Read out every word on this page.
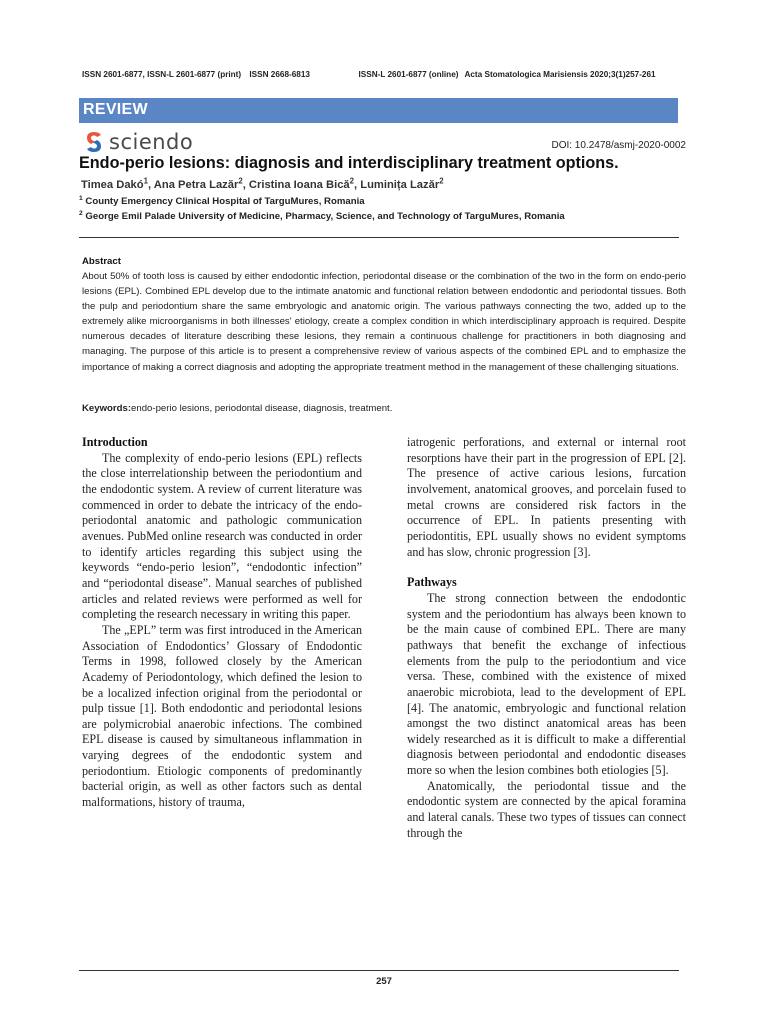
ISSN 2601-6877, ISSN-L 2601-6877 (print) ISSN 2668-6813	ISSN-L 2601-6877 (online) Acta Stomatologica Marisiensis 2020;3(1)257-261
REVIEW
sciendo	DOI: 10.2478/asmj-2020-0002
Endo-perio lesions: diagnosis and interdisciplinary treatment options.
Timea Dakó$^1$, Ana Petra Lazăr$^2$, Cristina Ioana Bică$^2$, Luminița Lazăr$^2$
$^1$ County Emergency Clinical Hospital of TarguMures, Romania
$^2$ George Emil Palade University of Medicine, Pharmacy, Science, and Technology of TarguMures, Romania
Abstract
About 50% of tooth loss is caused by either endodontic infection, periodontal disease or the combination of the two in the form on endo-perio lesions (EPL). Combined EPL develop due to the intimate anatomic and functional relation between endodontic and periodontal tissues. Both the pulp and periodontium share the same embryologic and anatomic origin. The various pathways connecting the two, added up to the extremely alike microorganisms in both illnesses' etiology, create a complex condition in which interdisciplinary approach is required. Despite numerous decades of literature describing these lesions, they remain a continuous challenge for practitioners in both diagnosing and managing. The purpose of this article is to present a comprehensive review of various aspects of the combined EPL and to emphasize the importance of making a correct diagnosis and adopting the appropriate treatment method in the management of these challenging situations.
Keywords:endo-perio lesions, periodontal disease, diagnosis, treatment.
Introduction

The complexity of endo-perio lesions (EPL) reflects the close interrelationship between the periodontium and the endodontic system. A review of current literature was commenced in order to debate the intricacy of the endo-periodontal anatomic and pathologic communication avenues. PubMed online research was conducted in order to identify articles regarding this subject using the keywords “endo-perio lesion”, “endodontic infection” and “periodontal disease”. Manual searches of published articles and related reviews were performed as well for completing the research necessary in writing this paper.

The „EPL” term was first introduced in the American Association of Endodontics’ Glossary of Endodontic Terms in 1998, followed closely by the American Academy of Periodontology, which defined the lesion to be a localized infection original from the periodontal or pulp tissue [1]. Both endodontic and periodontal lesions are polymicrobial anaerobic infections. The combined EPL disease is caused by simultaneous inflammation in varying degrees of the endodontic system and periodontium. Etiologic components of predominantly bacterial origin, as well as other factors such as dental malformations, history of trauma,

iatrogenic perforations, and external or internal root resorptions have their part in the progression of EPL [2]. The presence of active carious lesions, furcation involvement, anatomical grooves, and porcelain fused to metal crowns are considered risk factors in the occurrence of EPL. In patients presenting with periodontitis, EPL usually shows no evident symptoms and has slow, chronic progression [3].
Pathways

The strong connection between the endodontic system and the periodontium has always been known to be the main cause of combined EPL. There are many pathways that benefit the exchange of infectious elements from the pulp to the periodontium and vice versa. These, combined with the existence of mixed anaerobic microbiota, lead to the development of EPL [4]. The anatomic, embryologic and functional relation amongst the two distinct anatomical areas has been widely researched as it is difficult to make a differential diagnosis between periodontal and endodontic diseases more so when the lesion combines both etiologies [5].

Anatomically, the periodontal tissue and the endodontic system are connected by the apical foramina and lateral canals. These two types of tissues can connect through the

257
